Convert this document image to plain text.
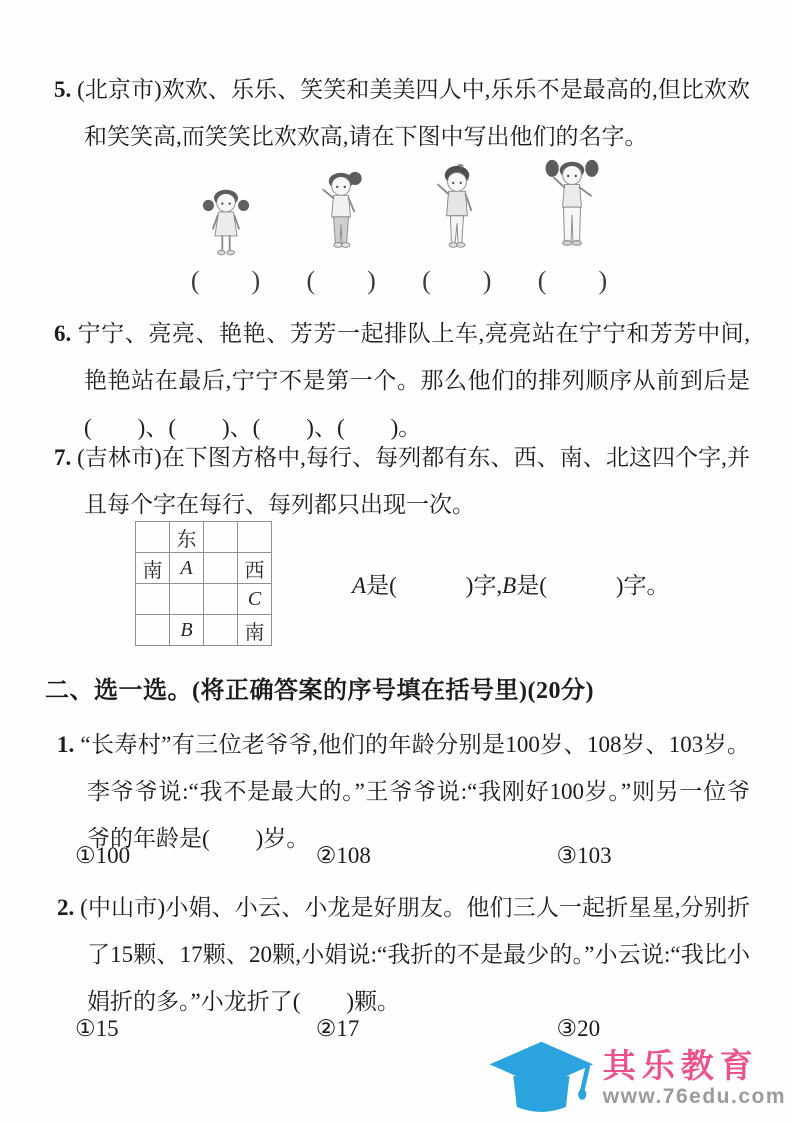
5. (北京市)欢欢、乐乐、笑笑和美美四人中,乐乐不是最高的,但比欢欢和笑笑高,而笑笑比欢欢高,请在下图中写出他们的名字。
(　　)	(　　)	(　　)	(　　)
6. 宁宁、亮亮、艳艳、芳芳一起排队上车,亮亮站在宁宁和芳芳中间,艳艳站在最后,宁宁不是第一个。那么他们的排列顺序从前到后是(　　)、(　　)、(　　)、(　　)。
7. (吉林市)在下图方格中,每行、每列都有东、西、南、北这四个字,并且每个字在每行、每列都只出现一次。
	东		
南	A		西
			C
	B		南
A是(　　　)字,B是(　　　)字。
二、选一选。(将正确答案的序号填在括号里)(20分)
1. “长寿村”有三位老爷爷,他们的年龄分别是100岁、108岁、103岁。李爷爷说:“我不是最大的。”王爷爷说:“我刚好100岁。”则另一位爷爷的年龄是(　　)岁。
①100	②108	③103
2. (中山市)小娟、小云、小龙是好朋友。他们三人一起折星星,分别折了15颗、17颗、20颗,小娟说:“我折的不是最少的。”小云说:“我比小娟折的多。”小龙折了(　　)颗。
①15	②17	③20
其乐教育
www.76edu.com
